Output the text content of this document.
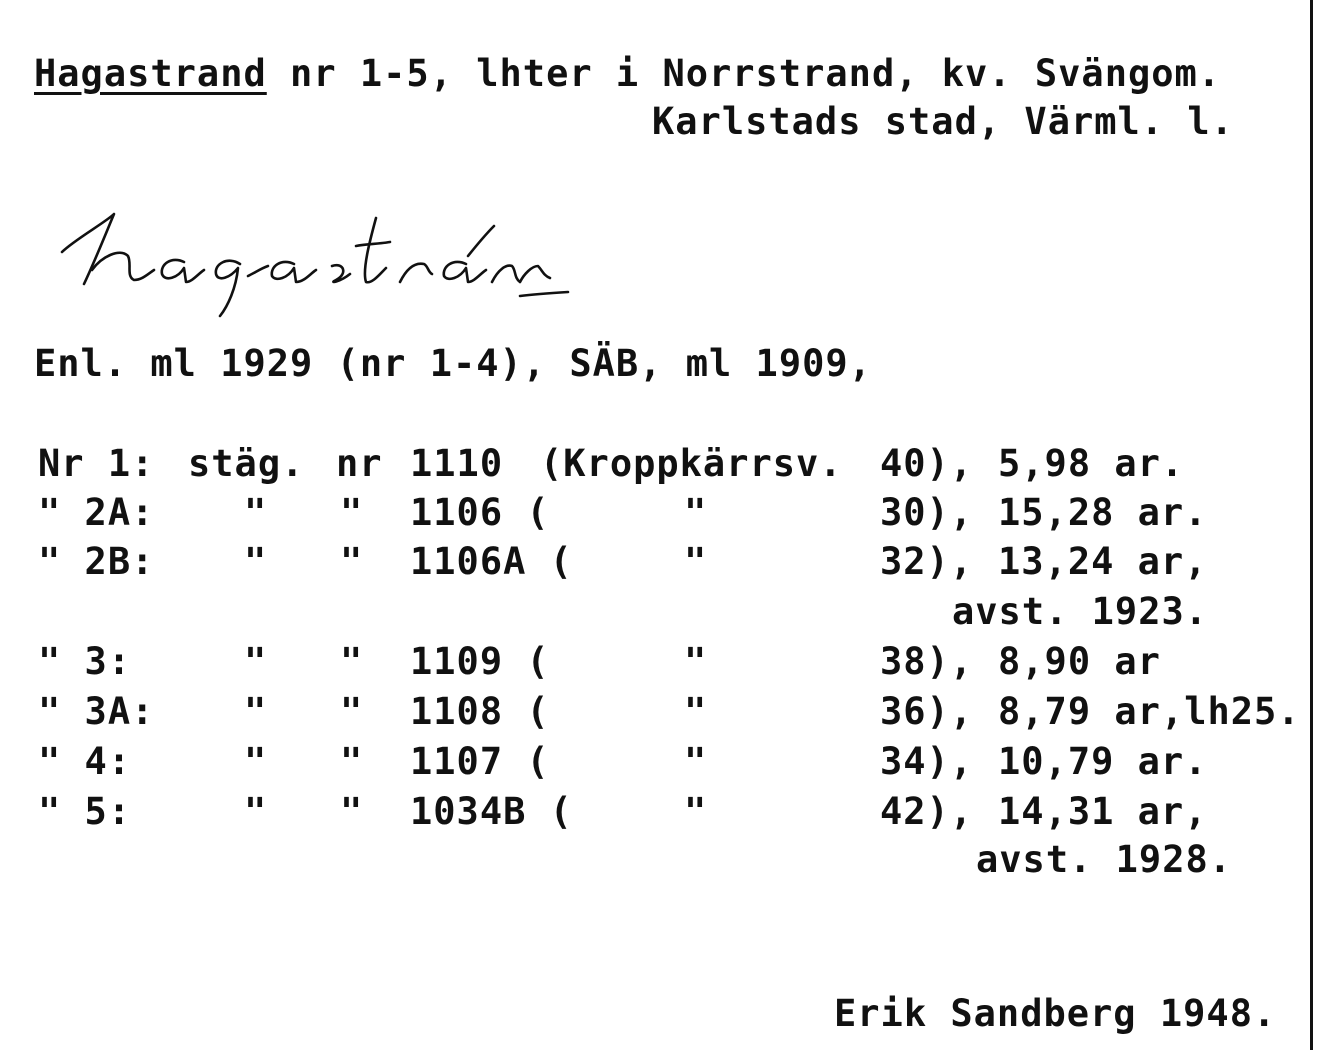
Hagastrand nr 1-5, lhter i Norrstrand, kv. Svängom.
Karlstads stad, Värml. l.
Enl. ml 1929 (nr 1-4), SÄB, ml 1909,
Nr 1: stäg. nr 1110 (Kroppkärrsv. 40), 5,98 ar.
" 2A: " " 1106 (	"	30), 15,28 ar.
" 2B: " " 1106A (	"	32), 13,24 ar,
avst. 1923.
" 3:	" " 1109 (	"	38), 8,90 ar
" 3A: " " 1108 (	"	36), 8,79 ar,lh25.
" 4:	" " 1107 (	"	34), 10,79 ar.
" 5:	" " 1034B (	"	42), 14,31 ar,
avst. 1928.
Erik Sandberg 1948.
